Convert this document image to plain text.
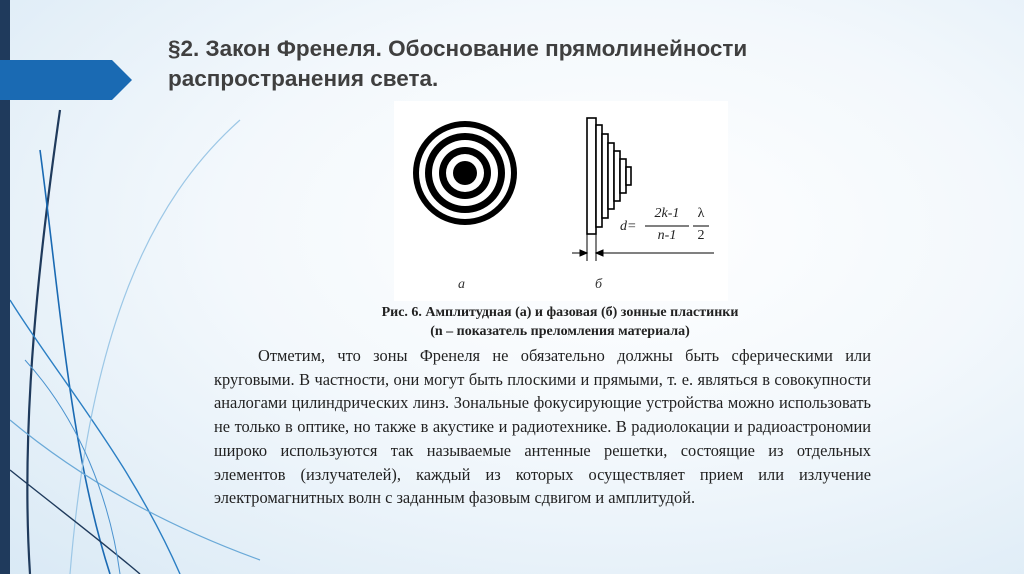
§2. Закон Френеля. Обоснование прямолинейности распространения света.
а	б
d=
2k-1
n-1
λ
2

Рис. 6. Амплитудная (а) и фазовая (б) зонные пластинки

(n – показатель преломления материала)

Отметим, что зоны Френеля не обязательно должны быть сферическими или круговыми. В частности, они могут быть плоскими и прямыми, т. е. являться в совокупности аналогами цилиндрических линз. Зональные фокусирующие устройства можно использовать не только в оптике, но также в акустике и радиотехнике. В радиолокации и радиоастрономии широко используются так называемые антенные решетки, состоящие из отдельных элементов (излучателей), каждый из которых осуществляет прием или излучение электромагнитных волн с заданным фазовым сдвигом и амплитудой.
